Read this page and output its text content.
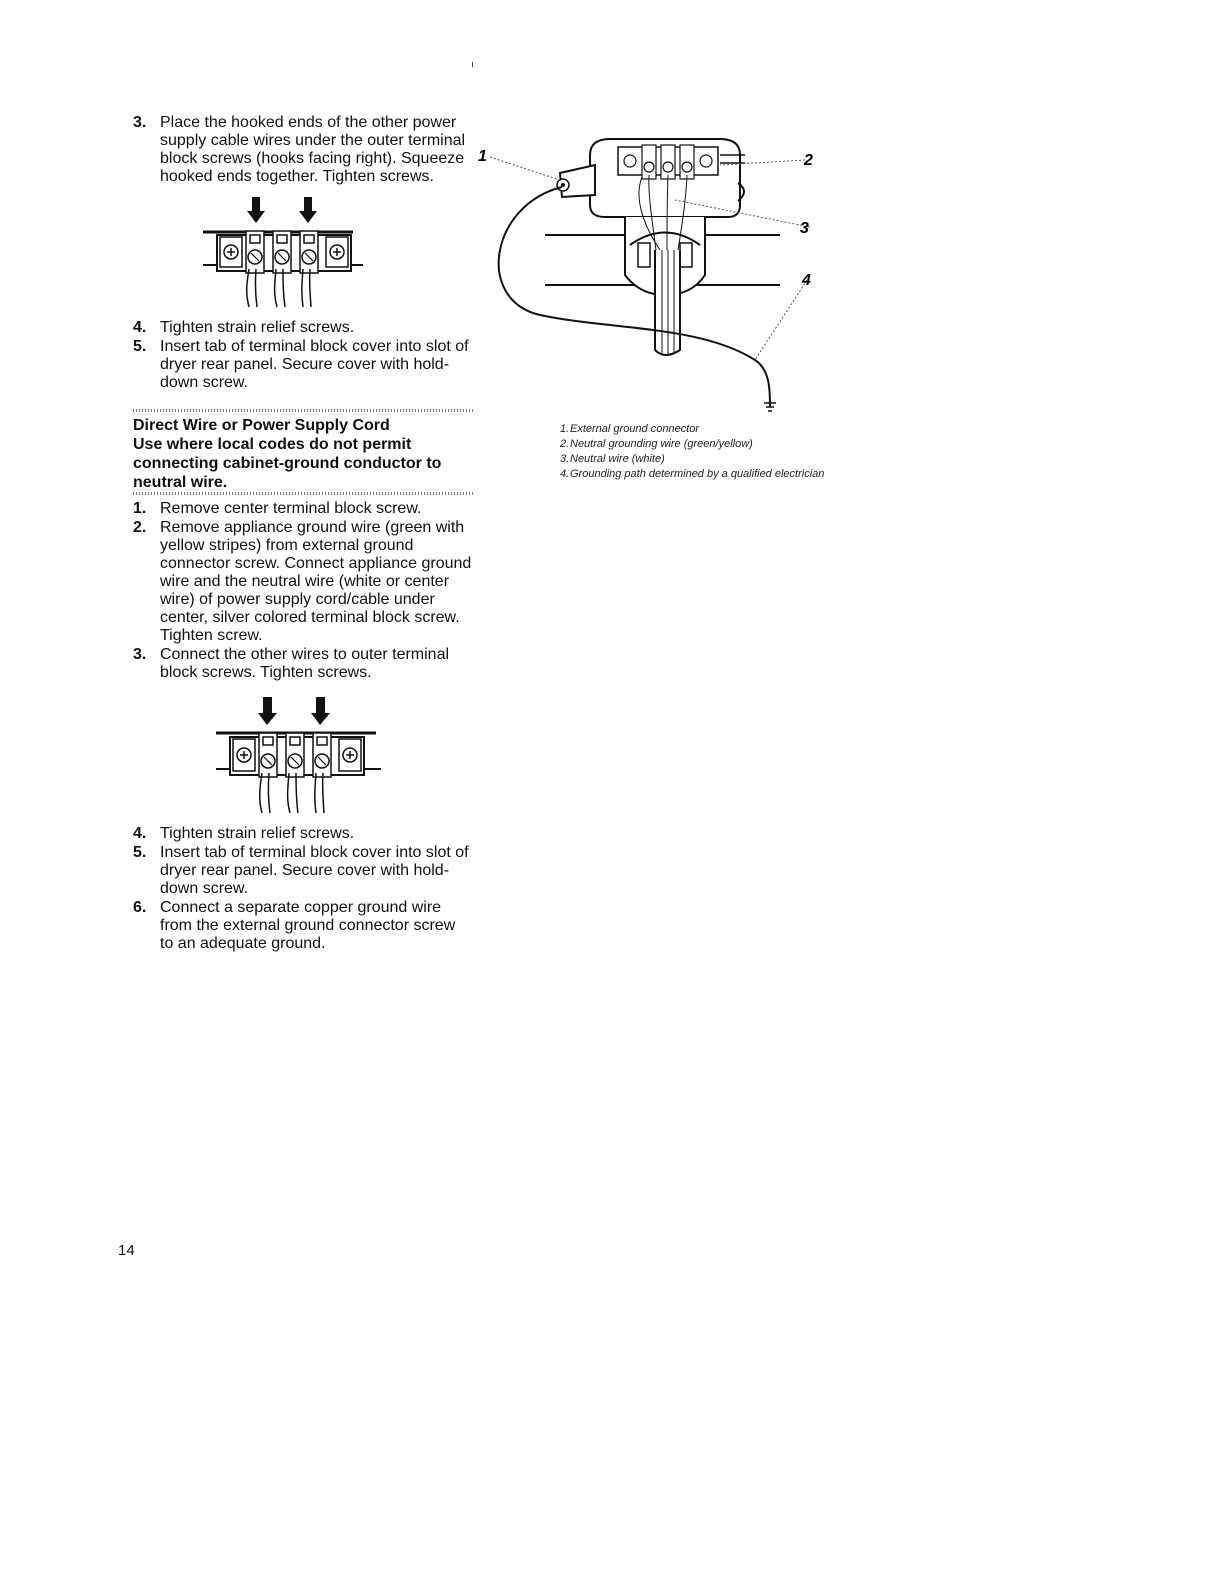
3. Place the hooked ends of the other power supply cable wires under the outer terminal block screws (hooks facing right). Squeeze hooked ends together. Tighten screws.
4. Tighten strain relief screws.
5. Insert tab of terminal block cover into slot of dryer rear panel. Secure cover with hold-down screw.

Direct Wire or Power Supply Cord

Use where local codes do not permit connecting cabinet-ground conductor to neutral wire.

1. Remove center terminal block screw.
2. Remove appliance ground wire (green with yellow stripes) from external ground connector screw. Connect appliance ground wire and the neutral wire (white or center wire) of power supply cord/cable under center, silver colored terminal block screw. Tighten screw.
3. Connect the other wires to outer terminal block screws. Tighten screws.
4. Tighten strain relief screws.
5. Insert tab of terminal block cover into slot of dryer rear panel. Secure cover with hold-down screw.
6. Connect a separate copper ground wire from the external ground connector screw to an adequate ground.
1	2
3
4
1. External ground connector
2. Neutral grounding wire (green/yellow)
3. Neutral wire (white)
4. Grounding path determined by a qualified electrician
14
